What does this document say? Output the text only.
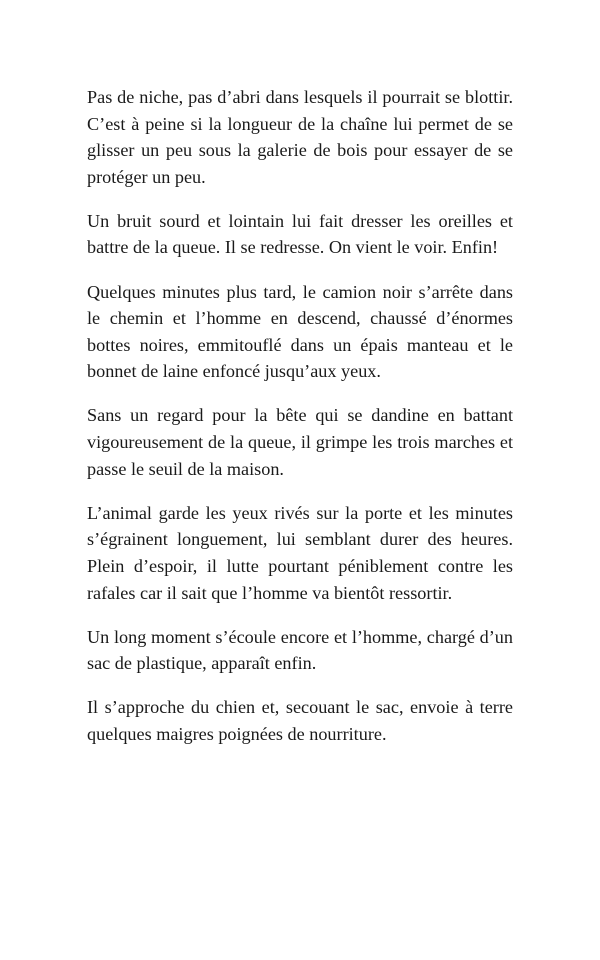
Pas de niche, pas d’abri dans lesquels il pourrait se blottir. C’est à peine si la longueur de la chaîne lui permet de se glisser un peu sous la galerie de bois pour essayer de se protéger un peu.

Un bruit sourd et lointain lui fait dresser les oreilles et battre de la queue. Il se redresse. On vient le voir. Enfin!

Quelques minutes plus tard, le camion noir s’arrête dans le chemin et l’homme en descend, chaussé d’énormes bottes noires, emmitouflé dans un épais manteau et le bonnet de laine enfoncé jusqu’aux yeux.

Sans un regard pour la bête qui se dandine en battant vigoureusement de la queue, il grimpe les trois marches et passe le seuil de la maison.

L’animal garde les yeux rivés sur la porte et les minutes s’égrainent longuement, lui semblant durer des heures. Plein d’espoir, il lutte pourtant péniblement contre les rafales car il sait que l’homme va bientôt ressortir.

Un long moment s’écoule encore et l’homme, chargé d’un sac de plastique, apparaît enfin.

Il s’approche du chien et, secouant le sac, envoie à terre quelques maigres poignées de nourriture.
